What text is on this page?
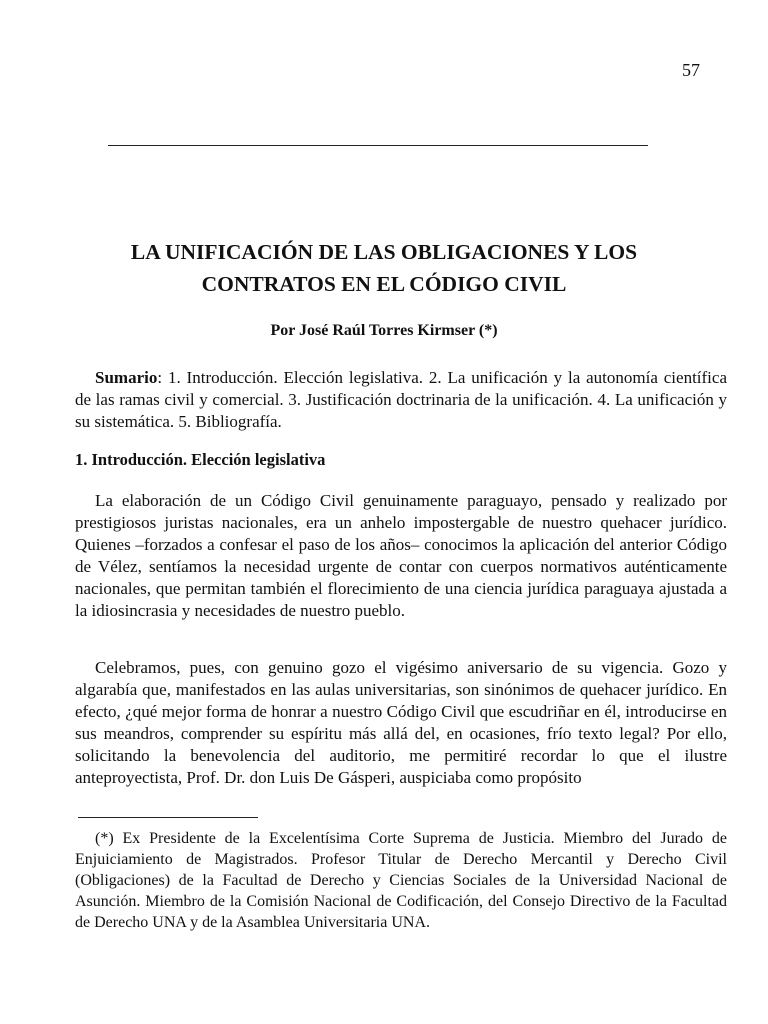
57
LA UNIFICACIÓN DE LAS OBLIGACIONES Y LOS
CONTRATOS EN EL CÓDIGO CIVIL
Por José Raúl Torres Kirmser (*)

Sumario: 1. Introducción. Elección legislativa. 2. La unificación y la autonomía científica de las ramas civil y comercial. 3. Justificación doctrinaria de la unificación. 4. La unificación y su sistemática. 5. Bibliografía.

1. Introducción. Elección legislativa

La elaboración de un Código Civil genuinamente paraguayo, pensado y realizado por prestigiosos juristas nacionales, era un anhelo impostergable de nuestro quehacer jurídico. Quienes –forzados a confesar el paso de los años– conocimos la aplicación del anterior Código de Vélez, sentíamos la necesidad urgente de contar con cuerpos normativos auténticamente nacionales, que permitan también el florecimiento de una ciencia jurídica paraguaya ajustada a la idiosincrasia y necesidades de nuestro pueblo.

Celebramos, pues, con genuino gozo el vigésimo aniversario de su vigencia. Gozo y algarabía que, manifestados en las aulas universitarias, son sinónimos de quehacer jurídico. En efecto, ¿qué mejor forma de honrar a nuestro Código Civil que escudriñar en él, introducirse en sus meandros, comprender su espíritu más allá del, en ocasiones, frío texto legal? Por ello, solicitando la benevolencia del auditorio, me permitiré recordar lo que el ilustre anteproyectista, Prof. Dr. don Luis De Gásperi, auspiciaba como propósito

(*) Ex Presidente de la Excelentísima Corte Suprema de Justicia. Miembro del Jurado de Enjuiciamiento de Magistrados. Profesor Titular de Derecho Mercantil y Derecho Civil (Obligaciones) de la Facultad de Derecho y Ciencias Sociales de la Universidad Nacional de Asunción. Miembro de la Comisión Nacional de Codificación, del Consejo Directivo de la Facultad de Derecho UNA y de la Asamblea Universitaria UNA.
